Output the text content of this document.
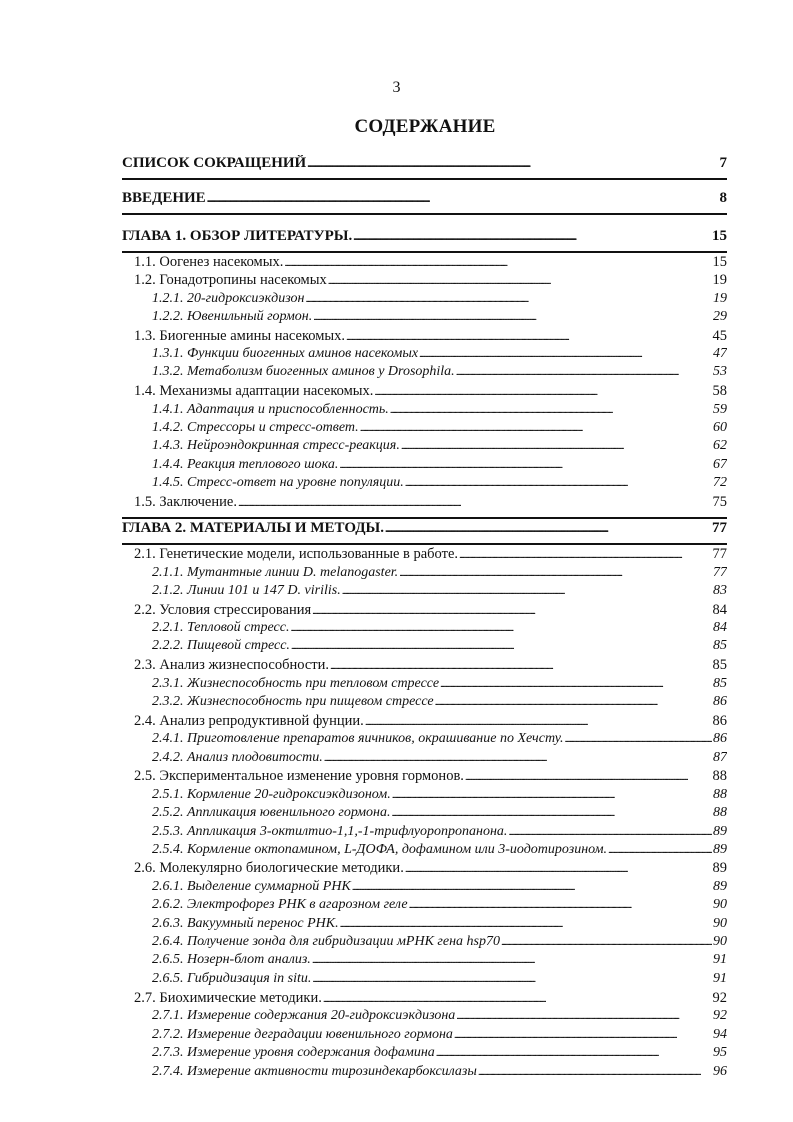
3
СОДЕРЖАНИЕ
СПИСОК СОКРАЩЕНИЙ . . .	7
ВВЕДЕНИЕ . . .	8
ГЛАВА 1. ОБЗОР ЛИТЕРАТУРЫ. . . .	15
1.1. Оогенез насекомых. . . .	15
1.2. Гонадотропины насекомых . . .	19
1.2.1. 20-гидроксиэкдизон . . .	19
1.2.2. Ювенильный гормон. . . .	29
1.3. Биогенные амины насекомых. . . .	45
1.3.1. Функции биогенных аминов насекомых . . .	47
1.3.2. Метаболизм биогенных аминов у Drosophila. . . .	53
1.4. Механизмы адаптации насекомых. . . .	58
1.4.1. Адаптация и приспособленность. . . .	59
1.4.2. Стрессоры и стресс-ответ. . . .	60
1.4.3. Нейроэндокринная стресс-реакция. . . .	62
1.4.4. Реакция теплового шока. . . .	67
1.4.5. Стресс-ответ на уровне популяции. . . .	72
1.5. Заключение. . . .	75
ГЛАВА 2. МАТЕРИАЛЫ И МЕТОДЫ. . . .	77
2.1. Генетические модели, использованные в работе. . . .	77
2.1.1. Мутантные линии D. melanogaster. . . .	77
2.1.2. Линии 101 и 147 D. virilis. . . .	83
2.2. Условия стрессирования . . .	84
2.2.1. Тепловой стресс. . . .	84
2.2.2. Пищевой стресс. . . .	85
2.3. Анализ жизнеспособности. . . .	85
2.3.1. Жизнеспособность при тепловом стрессе . . .	85
2.3.2. Жизнеспособность при пищевом стрессе . . .	86
2.4. Анализ репродуктивной фунции. . . .	86
2.4.1. Приготовление препаратов яичников, окрашивание по Хечсту. . . .	86
2.4.2. Анализ плодовитости. . . .	87
2.5. Экспериментальное изменение уровня гормонов. . . .	88
2.5.1. Кормление 20-гидроксиэкдизоном. . . .	88
2.5.2. Аппликация ювенильного гормона. . . .	88
2.5.3. Аппликация 3-октилтио-1,1,-1-трифлуоропропанона. . . .	89
2.5.4. Кормление октопамином, L-ДОФА, дофамином или 3-иодотирозином. . . .	89
2.6. Молекулярно биологические методики. . . .	89
2.6.1. Выделение суммарной РНК . . .	89
2.6.2. Электрофорез РНК в агарозном геле . . .	90
2.6.3. Вакуумный перенос РНК. . . .	90
2.6.4. Получение зонда для гибридизации мРНК гена hsp70 . . .	90
2.6.5. Нозерн-блот анализ. . . .	91
2.6.5. Гибридизация in situ. . . .	91
2.7. Биохимические методики. . . .	92
2.7.1. Измерение содержания 20-гидроксиэкдизона . . .	92
2.7.2. Измерение деградации ювенильного гормона . . .	94
2.7.3. Измерение уровня содержания дофамина . . .	95
2.7.4. Измерение активности тирозиндекарбоксилазы . . .	96
